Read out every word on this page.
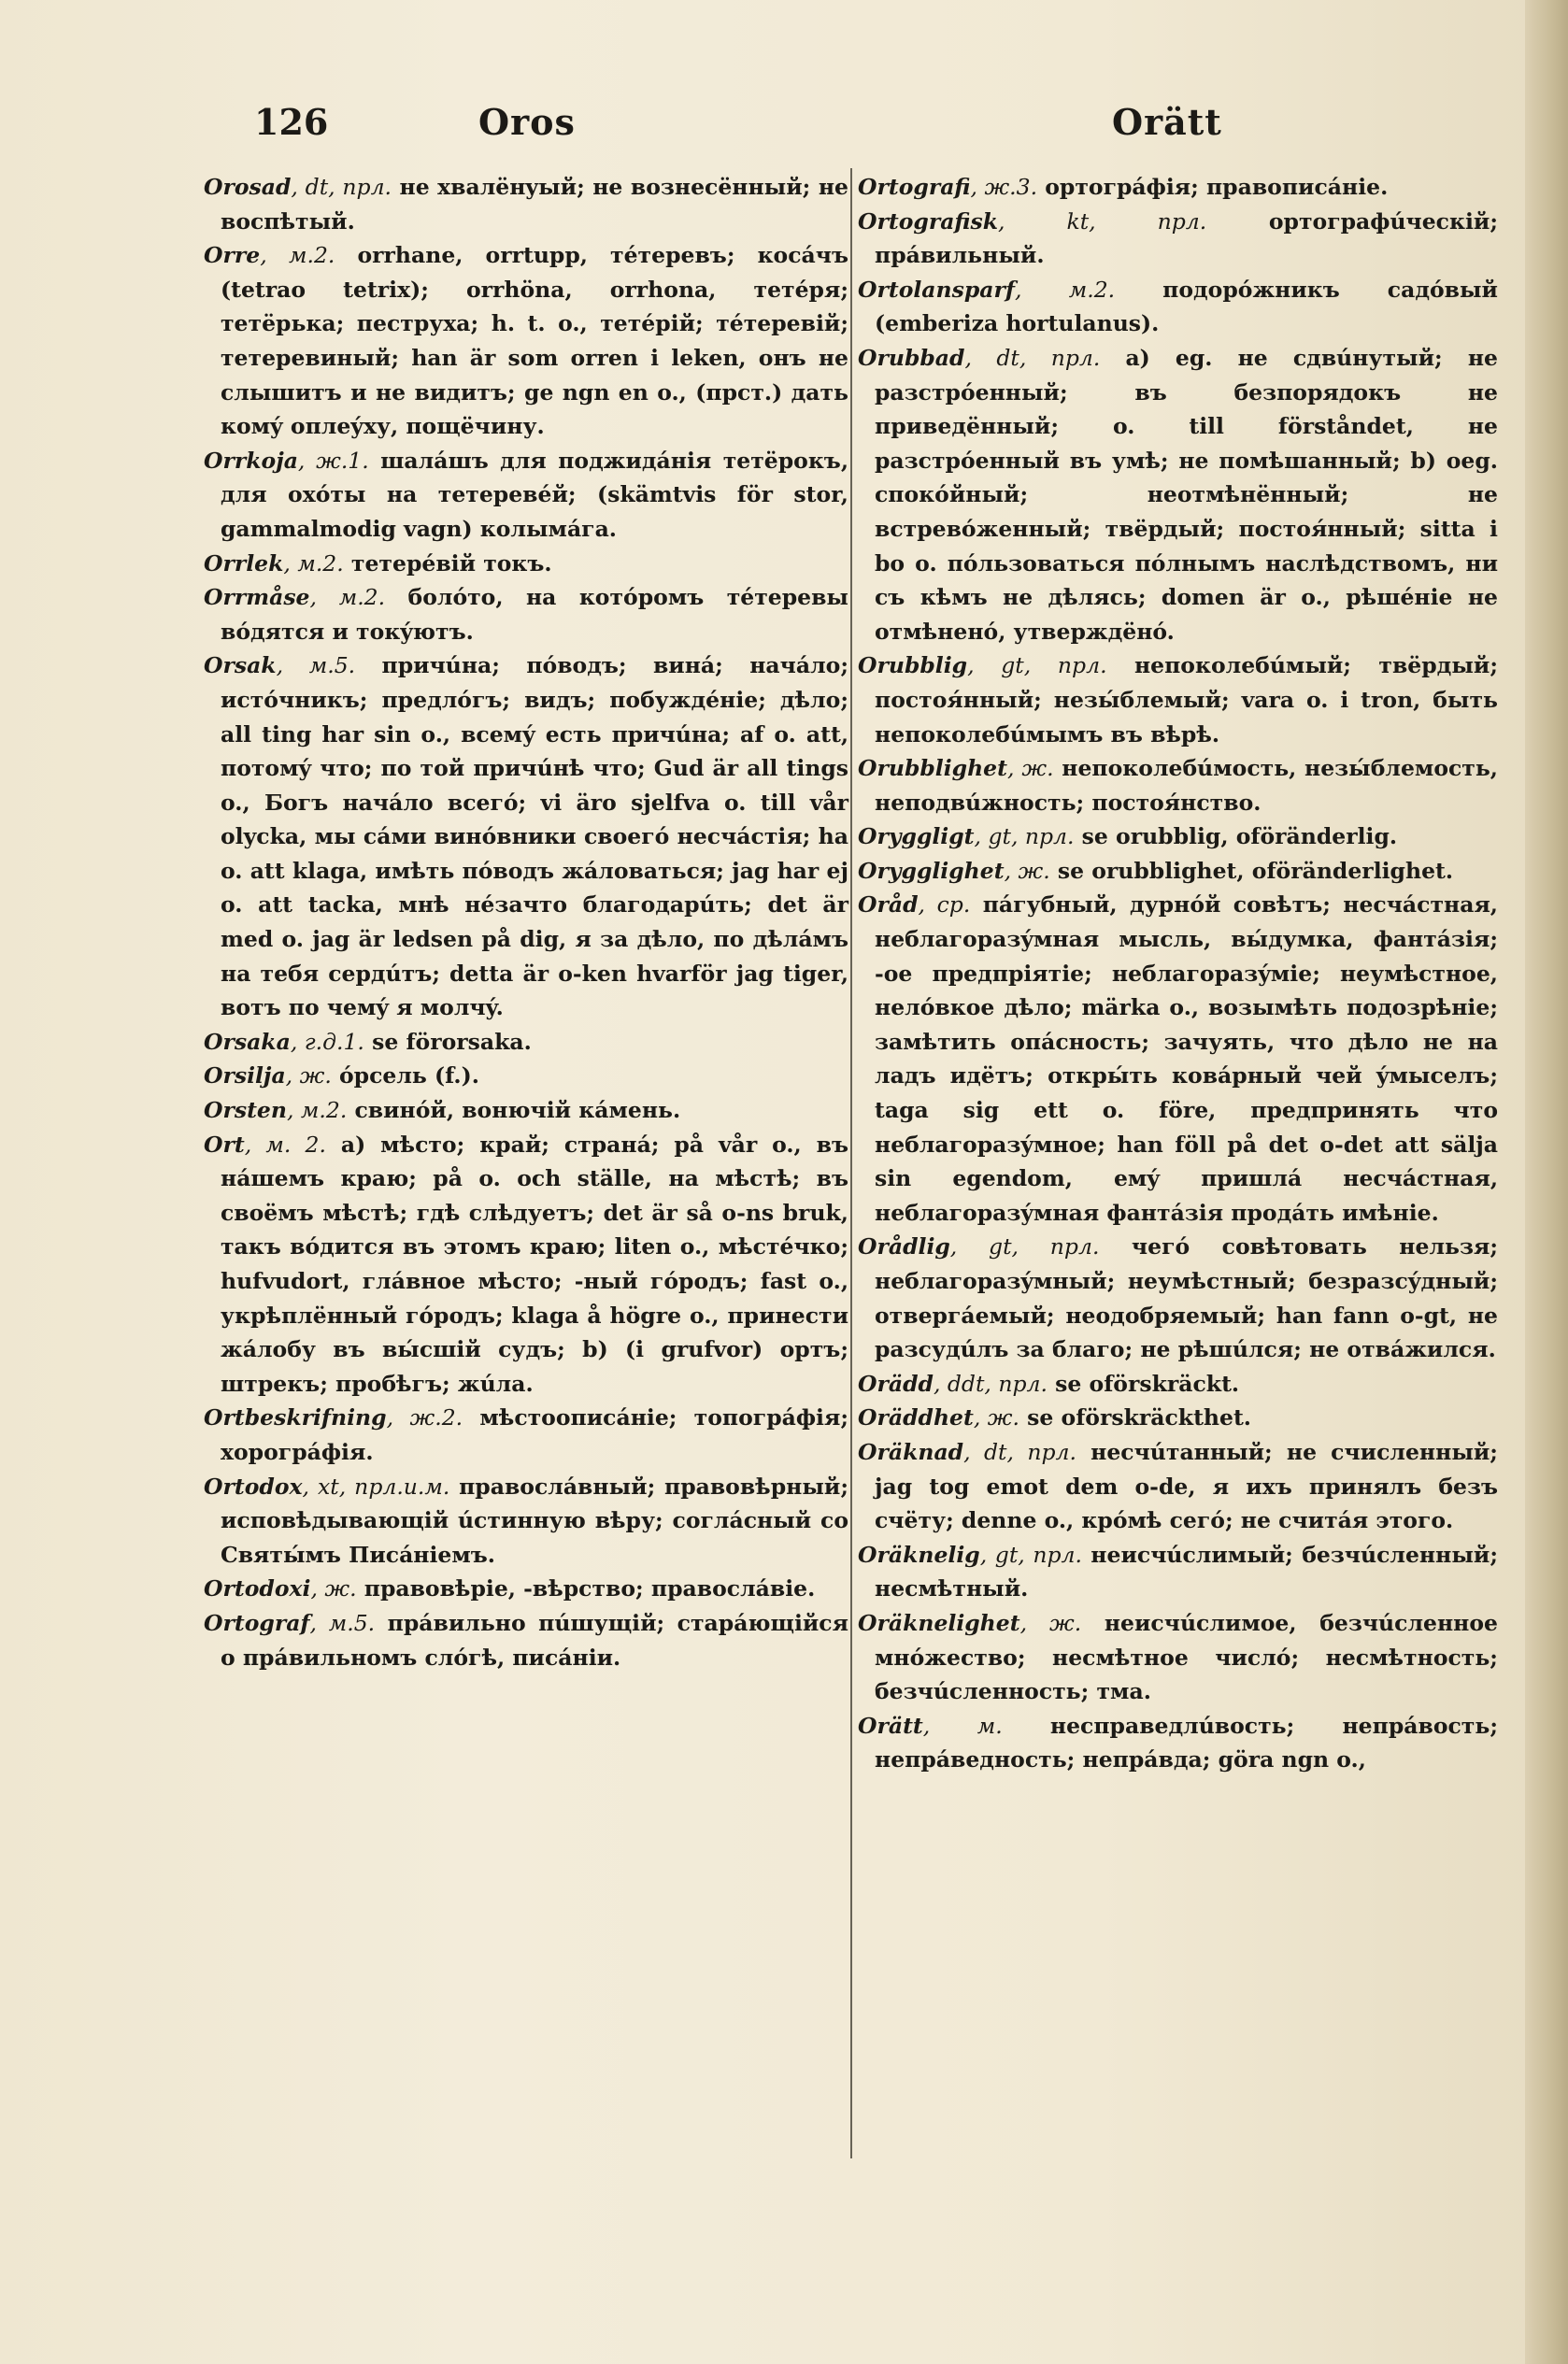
126	Oros	Orätt
Orosad, dt, прл. не хвалёнyый; не вознесённый; не воспѣтый.
Orre, м.2. orrhane, orrtupp, тéтеревъ; косáчъ (tetrao tetrix); orrhöna, orrhona, тетéря; тетёрька; пеструха; h. t. o., тетéрій; тéтеревій; тетеревиный; han är som orren i leken, онъ не слышитъ и не видитъ; ge ngn en o., (прст.) дать комý оплеýху, пощёчину.
Orrkoja, ж.1. шалáшъ для поджидáнія тетёрокъ, для охóты на тетеревéй; (skämtvis för stor, gammalmodig vagn) колымáга.
Orrlek, м.2. тетерéвій токъ.
Orrmåse, м.2. болóто, на котóромъ тéтеревы вóдятся и токýютъ.
Orsak, м.5. причúна; пóводъ; винá; начáло; истóчникъ; предлóгъ; видъ; побуждéніе; дѣло; all ting har sin o., всемý есть причúна; af o. att, потомý что; по той причúнѣ что; Gud är all tings o., Богъ начáло всегó; vi äro sjelfva o. till vår olycka, мы сáми винóвники своегó несчáстія; ha o. att klaga, имѣть пóводъ жáловаться; jag har ej o. att tacka, мнѣ нéзачто благодарúть; det är med o. jag är ledsen på dig, я за дѣло, по дѣлáмъ на тебя сердúтъ; detta är o-ken hvarför jag tiger, вотъ по чемý я молчý.
Orsaka, г.д.1. se förorsaka.
Orsilja, ж. óрсель (f.).
Orsten, м.2. свинóй, вонючій кáмень.
Ort, м. 2. a) мѣсто; край; странá; på vår o., въ нáшемъ краю; på o. och ställe, на мѣстѣ; въ своёмъ мѣстѣ; гдѣ слѣдуетъ; det är så o-ns bruk, такъ вóдится въ этомъ краю; liten o., мѣстéчко; hufvudort, глáвное мѣсто; -ный гóродъ; fast o., укрѣплённый гóродъ; klaga å högre o., принести жáлобу въ вы́сшій судъ; b) (i grufvor) ортъ; штрекъ; пробѣгъ; жúла.
Ortbeskrifning, ж.2. мѣстоописáніе; топогрáфія; хорогрáфія.
Ortodox, xt, прл.и.м. правослáвный; правовѣрный; исповѣдывающій úстинную вѣру; соглáсный со Святы́мъ Писáніемъ.
Ortodoxi, ж. правовѣріе, -вѣрство; правослáвіе.
Ortograf, м.5. прáвильно пúшущій; старáющійся о прáвильномъ слóгѣ, писáніи.
Ortografi, ж.3. ортогрáфія; правописáніе.
Ortografisk, kt, прл. ортографúческій; прáвильный.
Ortolansparf, м.2. подорóжникъ садóвый (emberiza hortulanus).
Orubbad, dt, прл. a) eg. не сдвúнутый; не разстрóенный; въ безпорядокъ не приведённый; o. till förståndet, не разстрóенный въ умѣ; не помѣшанный; b) oeg. спокóйный; неотмѣнённый; не встревóженный; твёрдый; постоя́нный; sitta i bo o. пóльзоваться пóлнымъ наслѣдствомъ, ни съ кѣмъ не дѣлясь; domen är o., рѣшéніе не отмѣненó, утверждёнó.
Orubblig, gt, прл. непоколебúмый; твёрдый; постоя́нный; незы́блемый; vara o. i tron, быть непоколебúмымъ въ вѣрѣ.
Orubblighet, ж. непоколебúмость, незы́блемость, неподвúжность; постоя́нство.
Oryggligt, gt, прл. se orubblig, oföränderlig.
Orygglighet, ж. se orubblighet, oföränderlighet.
Oråd, ср. пáгубный, дурнóй совѣтъ; несчáстная, неблагоразýмная мысль, вы́думка, фантáзія; -ое предпріятіе; неблагоразýміе; неумѣстное, нелóвкое дѣло; märka o., возымѣть подозрѣніе; замѣтить опáсность; зачуять, что дѣло не на ладъ идётъ; откры́ть ковáрный чей ýмыселъ; taga sig ett o. före, предпринять что неблагоразýмное; han föll på det o-det att sälja sin egendom, емý пришлá несчáстная, неблагоразýмная фантáзія продáть имѣніе.
Orådlig, gt, прл. чегó совѣтовать нельзя; неблагоразýмный; неумѣстный; безразсýдный; отвергáемый; неодобряемый; han fann o-gt, не разсудúлъ за благо; не рѣшúлся; не отвáжился.
Orädd, ddt, прл. se oförskräckt.
Oräddhet, ж. se oförskräckthet.
Oräknad, dt, прл. несчúтанный; не счислeнный; jag tog emot dem o-de, я ихъ принялъ безъ счёту; denne o., крóмѣ сегó; не считáя этого.
Oräknelig, gt, прл. неисчúслимый; безчúсленный; несмѣтный.
Oräknelighet, ж. неисчúслимое, безчúсленное мнóжество; несмѣтное числó; несмѣтность; безчúсленность; тма.
Orätt, м. несправедлúвость; непрáвость; непрáведность; непрáвда; göra ngn o.,
